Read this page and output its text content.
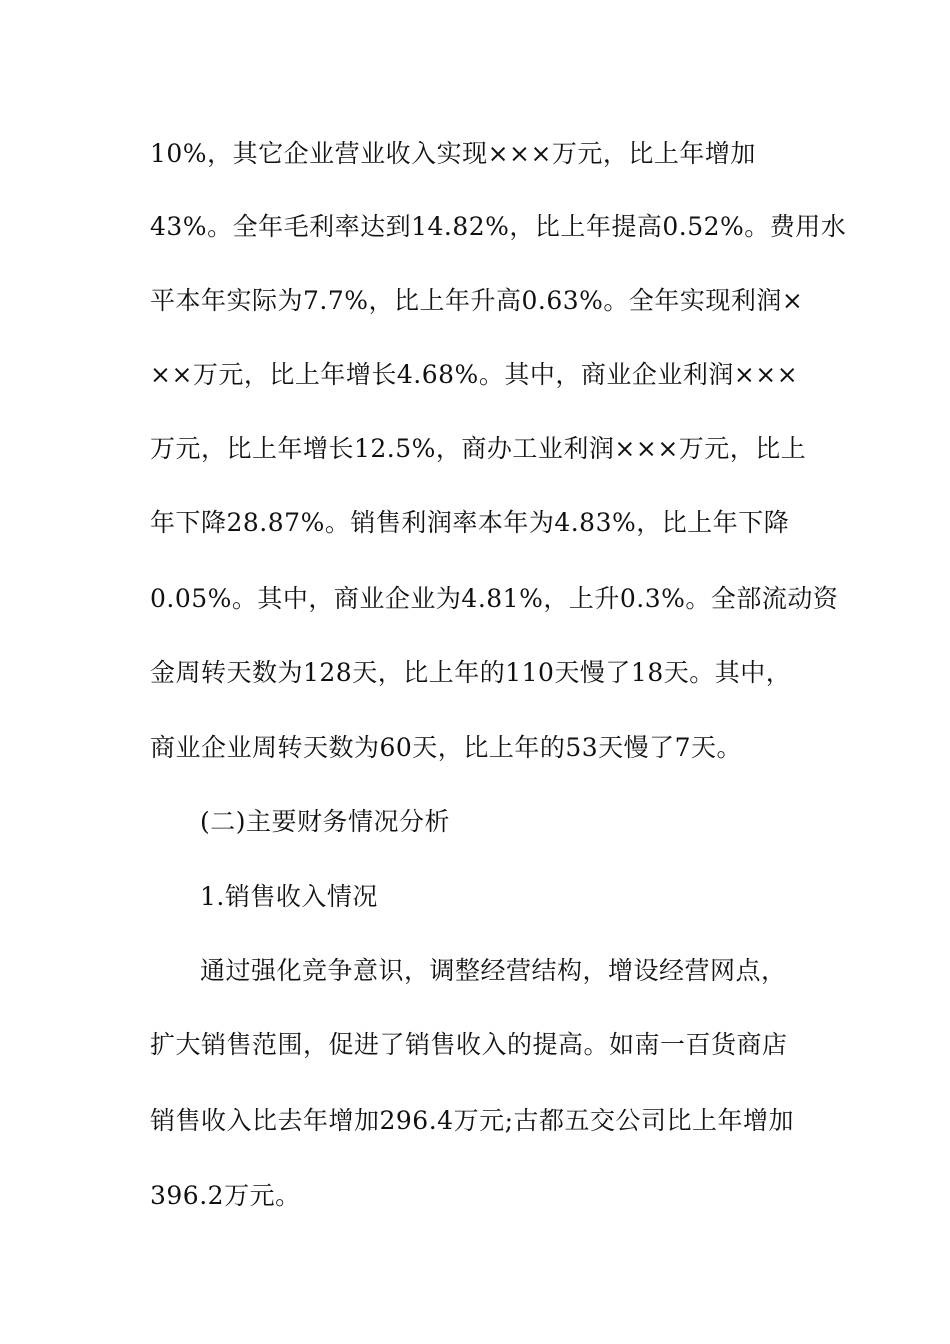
10%，其它企业营业收入实现×××万元，比上年增加
43%。全年毛利率达到14.82%，比上年提高0.52%。费用水
平本年实际为7.7%，比上年升高0.63%。全年实现利润×
××万元，比上年增长4.68%。其中，商业企业利润×××
万元，比上年增长12.5%，商办工业利润×××万元，比上
年下降28.87%。销售利润率本年为4.83%，比上年下降
0.05%。其中，商业企业为4.81%，上升0.3%。全部流动资
金周转天数为128天，比上年的110天慢了18天。其中，
商业企业周转天数为60天，比上年的53天慢了7天。
(二)主要财务情况分析
1.销售收入情况
通过强化竞争意识，调整经营结构，增设经营网点，
扩大销售范围，促进了销售收入的提高。如南一百货商店
销售收入比去年增加296.4万元;古都五交公司比上年增加
396.2万元。
